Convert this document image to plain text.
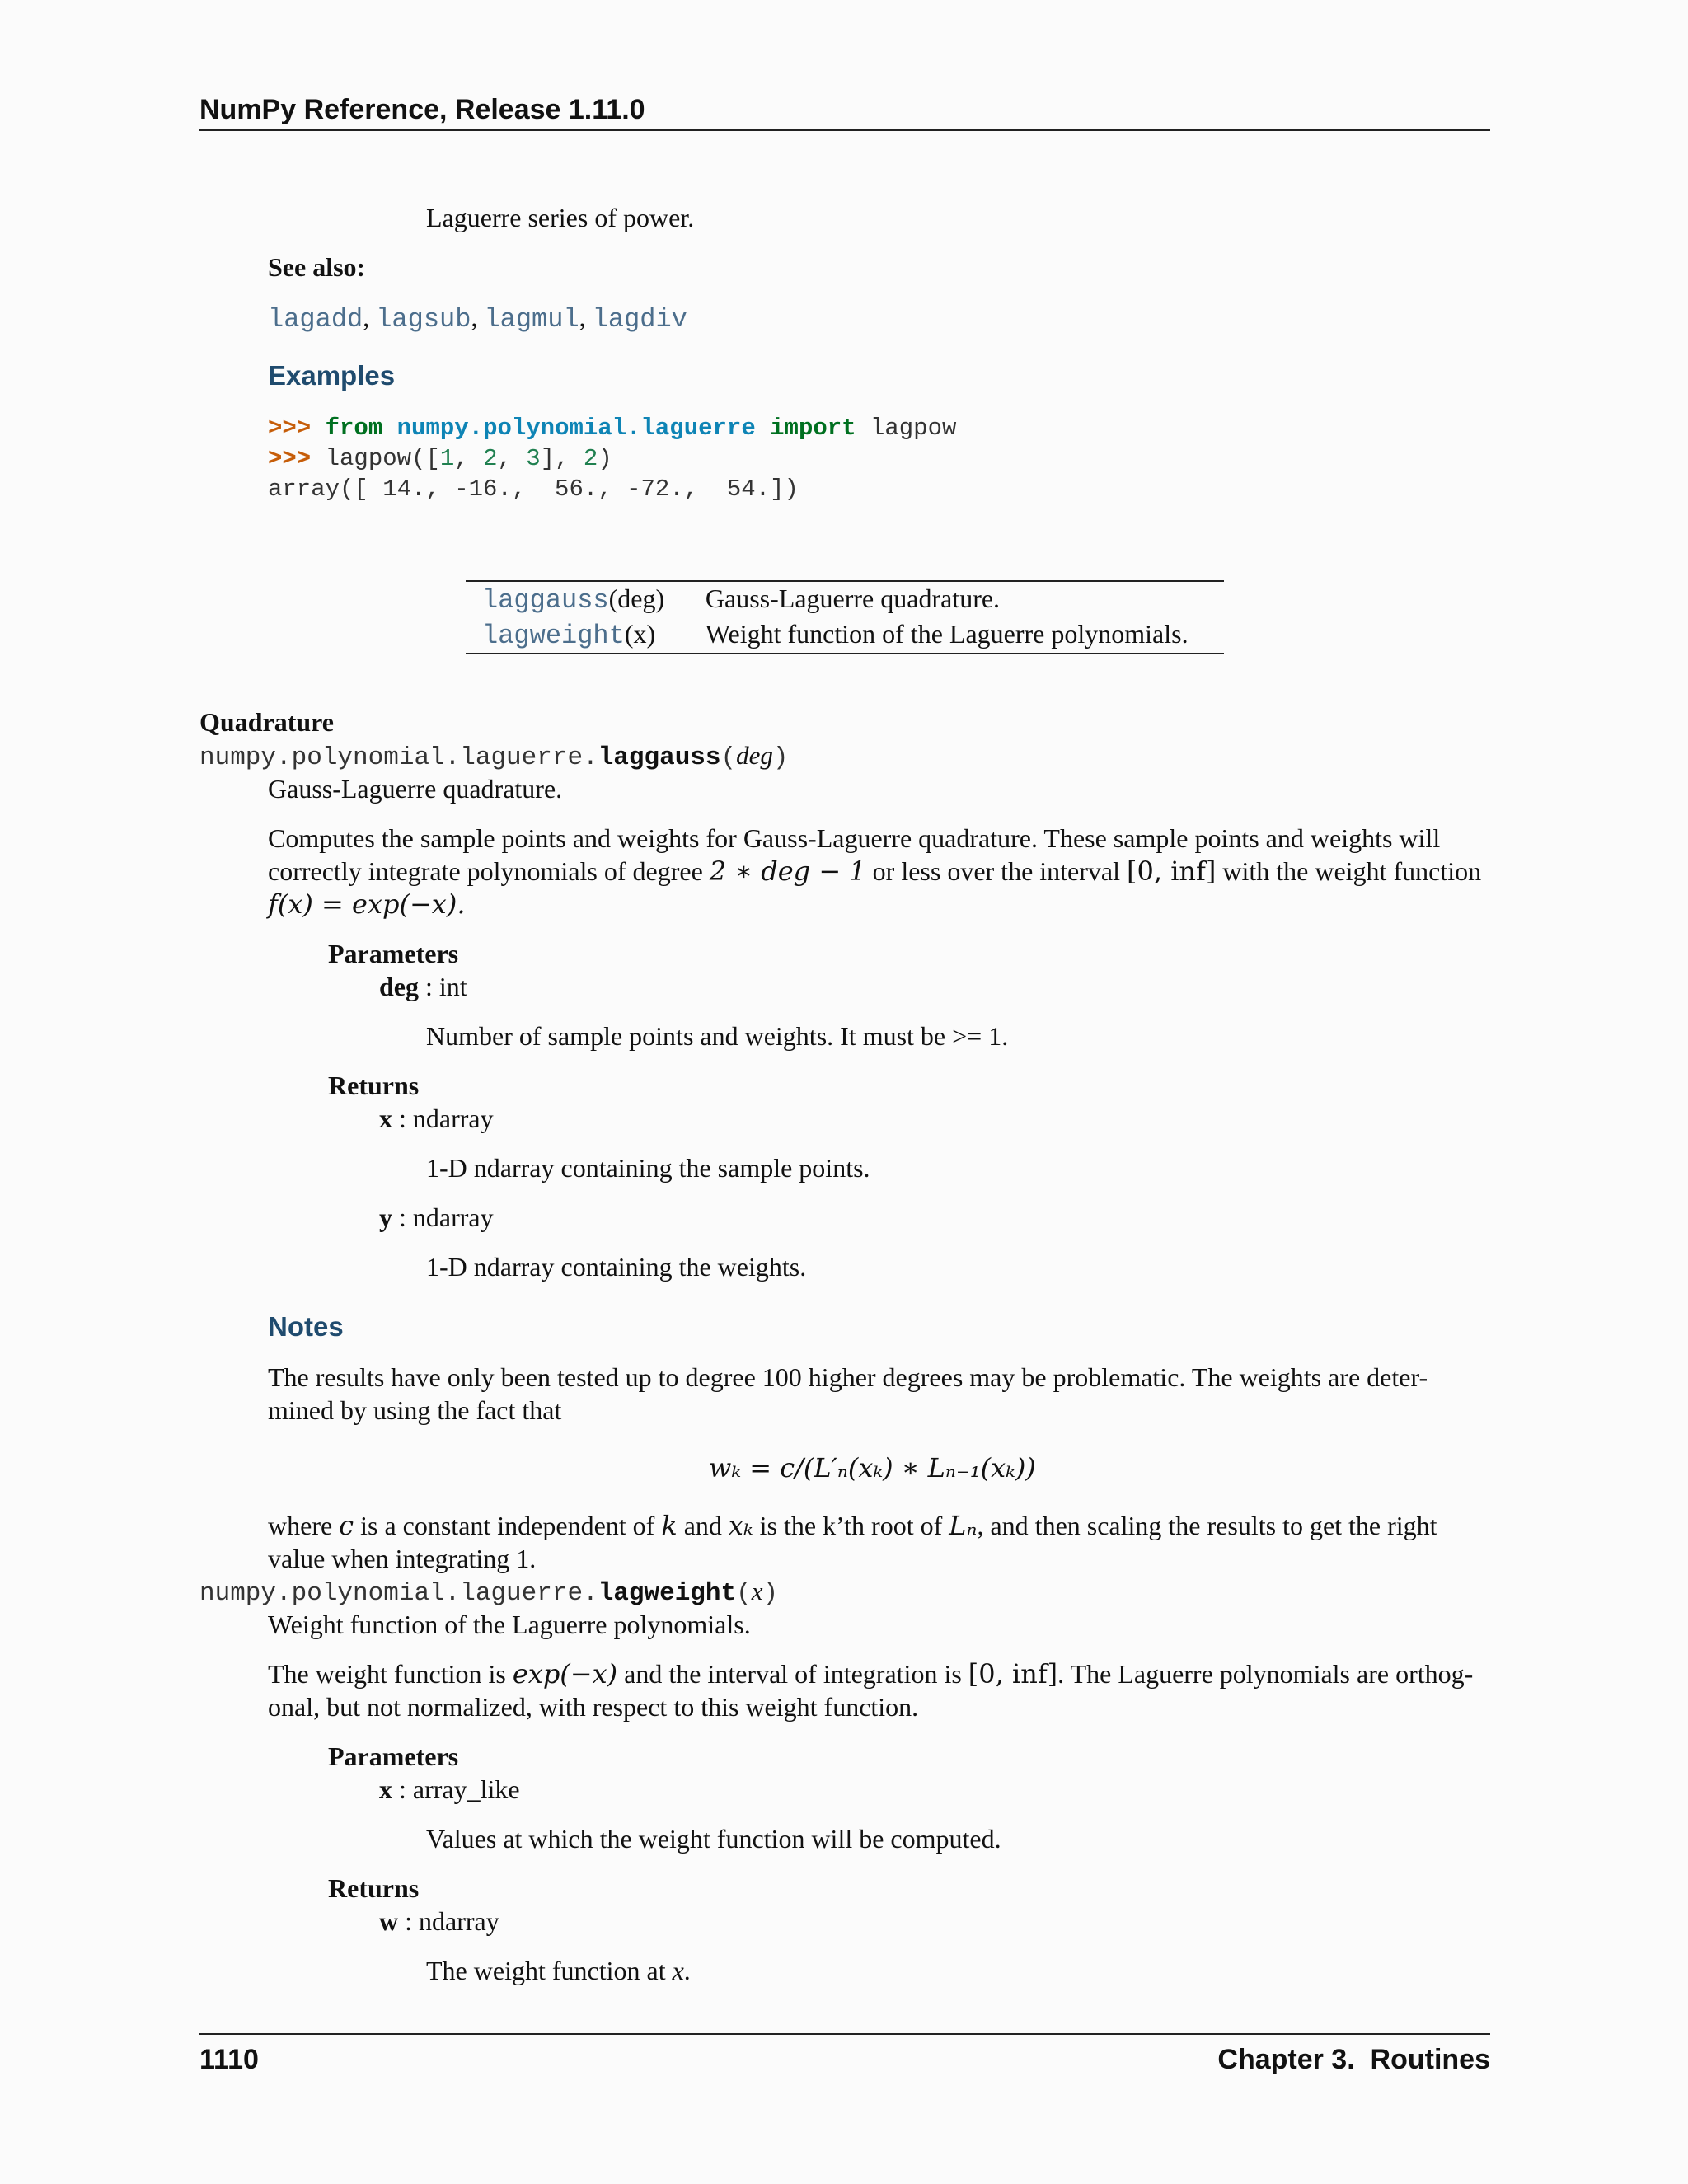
NumPy Reference, Release 1.11.0
Laguerre series of power.
See also:
lagadd, lagsub, lagmul, lagdiv
Examples
>>> from numpy.polynomial.laguerre import lagpow
>>> lagpow([1, 2, 3], 2)
array([ 14., -16.,  56., -72.,  54.])
laggauss(deg)	Gauss-Laguerre quadrature.
lagweight(x)	Weight function of the Laguerre polynomials.
Quadrature
numpy.polynomial.laguerre.laggauss(deg)
Gauss-Laguerre quadrature.
Computes the sample points and weights for Gauss-Laguerre quadrature. These sample points and weights will
correctly integrate polynomials of degree 2 ∗ deg − 1 or less over the interval [0, inf] with the weight function
f(x) = exp(−x).
Parameters
deg : int
Number of sample points and weights. It must be >= 1.
Returns
x : ndarray
1-D ndarray containing the sample points.
y : ndarray
1-D ndarray containing the weights.
Notes
The results have only been tested up to degree 100 higher degrees may be problematic. The weights are deter-
mined by using the fact that
wₖ = c/(L′ₙ(xₖ) ∗ Lₙ₋₁(xₖ))
where c is a constant independent of k and xₖ is the k’th root of Lₙ, and then scaling the results to get the right
value when integrating 1.
numpy.polynomial.laguerre.lagweight(x)
Weight function of the Laguerre polynomials.
The weight function is exp(−x) and the interval of integration is [0, inf]. The Laguerre polynomials are orthog-
onal, but not normalized, with respect to this weight function.
Parameters
x : array_like
Values at which the weight function will be computed.
Returns
w : ndarray
The weight function at x.
1110	Chapter 3.  Routines
